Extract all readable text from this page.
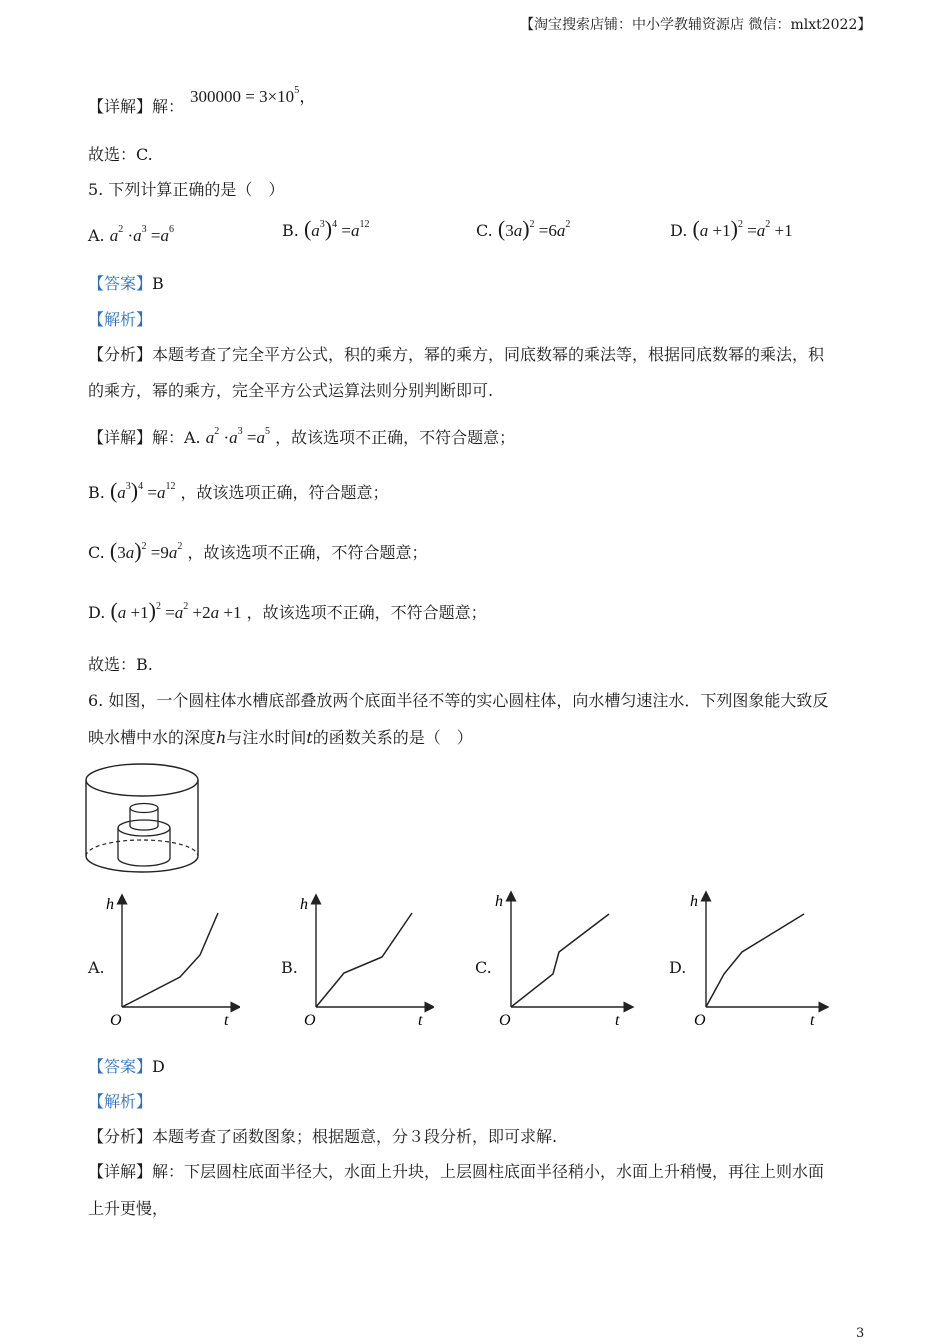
【淘宝搜索店铺：中小学教辅资源店 微信：mlxt2022】
【详解】解：
$300000 = 3\times 10^5$，
故选：C.
5. 下列计算正确的是（　）
A. $a^2 \cdot a^3 =a^6$	B. $(a^3)^4 =a^{12}$	C. $(3a)^2 =6a^2$	D. $(a +1)^2 =a^2 +1$
【答案】B
【解析】
【分析】本题考查了完全平方公式，积的乘方，幂的乘方，同底数幂的乘法等，根据同底数幂的乘法，积
的乘方，幂的乘方，完全平方公式运算法则分别判断即可.
【详解】解：A. $a^2 \cdot a^3 =a^5$ ，故该选项不正确，不符合题意；
B. $(a^3)^4 =a^{12}$ ，故该选项正确，符合题意；
C. $(3a)^2 =9a^2$ ，故该选项不正确，不符合题意；
D. $(a +1)^2 =a^2 +2a +1$ ，故该选项不正确，不符合题意；
故选：B.
6. 如图，一个圆柱体水槽底部叠放两个底面半径不等的实心圆柱体，向水槽匀速注水．下列图象能大致反
映水槽中水的深度h与注水时间t的函数关系的是（　）
A.	B.	C.	D.
h
t
O
h
t
O
h
t
O
h
t
O
【答案】D
【解析】
【分析】本题考查了函数图象；根据题意，分３段分析，即可求解.
【详解】解：下层圆柱底面半径大，水面上升块，上层圆柱底面半径稍小，水面上升稍慢，再往上则水面
上升更慢，
3
